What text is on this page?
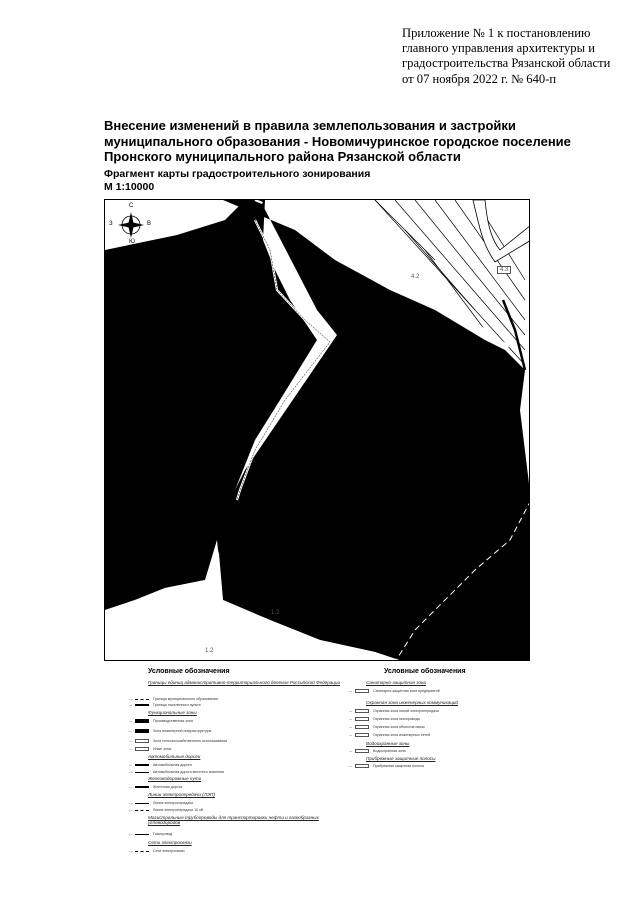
Приложение № 1 к постановлению
главного управления архитектуры и
градостроительства Рязанской области
от 07 ноября 2022 г. № 640-п
Внесение изменений в правила землепользования и застройки
муниципального образования - Новомичуринское городское поселение
Пронского муниципального района Рязанской области
Фрагмент карты градостроительного зонирования
М 1:10000
С
Ю
З	В
4.3
4.2
1.2
1.2
Условные обозначения	Условные обозначения
Границы единиц административно-территориального деления Российской Федерации
—	Граница муниципального образования
—	Граница населенного пункта
Функциональные зоны
—	Производственная зона
—	Зона инженерной инфраструктуры
—	Зона сельскохозяйственного использования
—	Иные зоны
Автомобильные дороги
—	Автомобильная дорога
—	Автомобильная дорога местного значения
Железнодорожные пути
—	Железная дорога
Линии электропередачи (ЛЭП)
—	Линия электропередачи
—	Линия электропередачи 10 кВ
Магистральные трубопроводы для транспортировки нефти и газообразных углеводородов
—	Газопровод
Сети электросвязи
—	Сети электросвязи
Санитарно-защитная зона
—	Санитарно-защитная зона предприятий
Охранная зона инженерных коммуникаций
—	Охранная зона линий электропередачи
—	Охранная зона газопровода
—	Охранная зона объектов связи
—	Охранная зона инженерных сетей
Водоохранные зоны
—	Водоохранная зона
Прибрежные защитные полосы
—	Прибрежная защитная полоса
